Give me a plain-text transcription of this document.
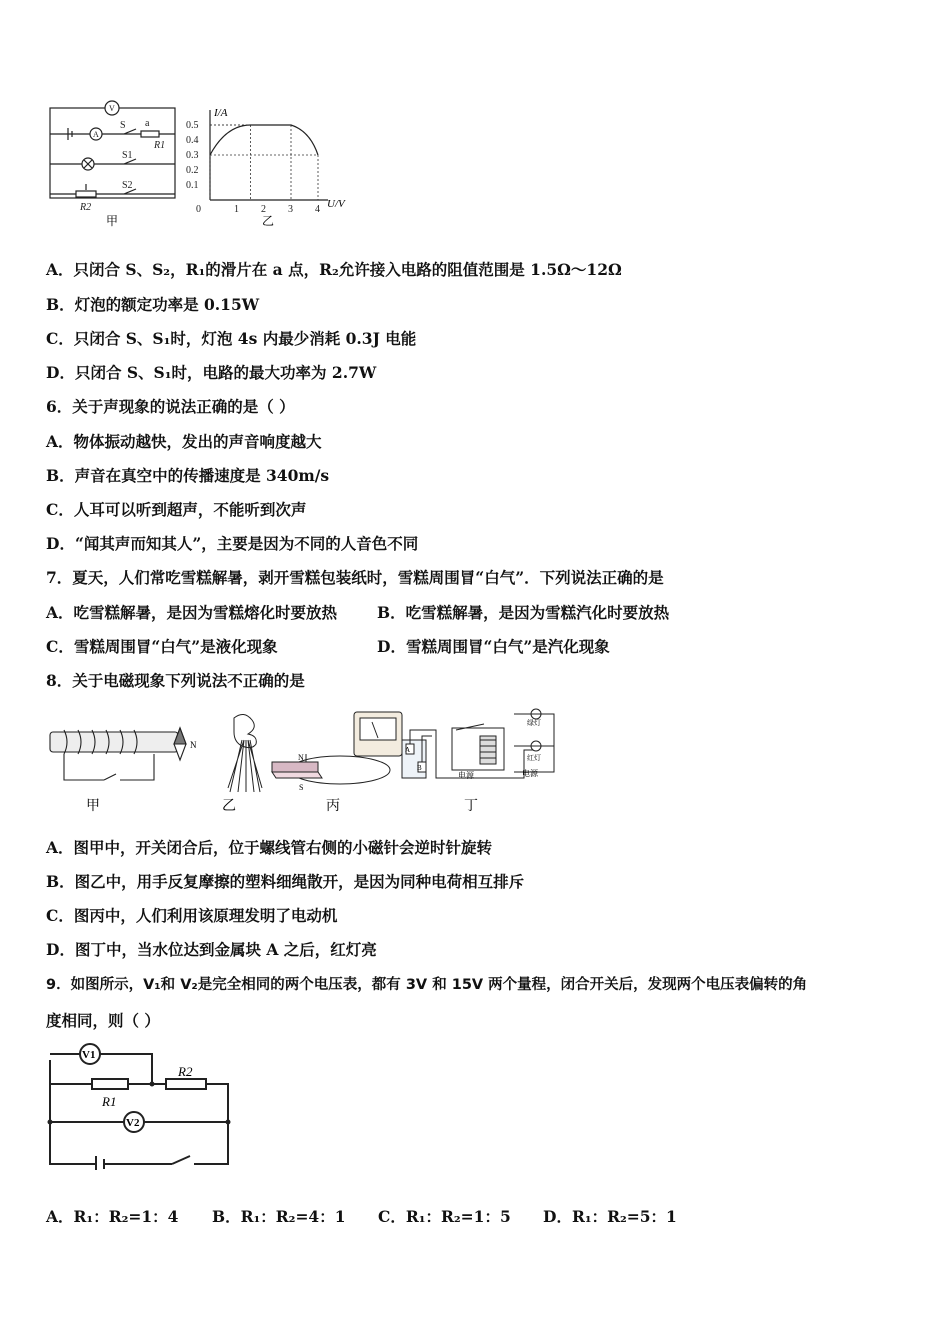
V
A
S a
R1
S1
S2
R2
甲
0.5
0.4
0.3
0.2
0.1
0	1 2 3 4
I/A
U/V
乙
A．只闭合 S、S₂，R₁的滑片在 a 点，R₂允许接入电路的阻值范围是 1.5Ω～12Ω
B．灯泡的额定功率是 0.15W
C．只闭合 S、S₁时，灯泡 4s 内最少消耗 0.3J 电能
D．只闭合 S、S₁时，电路的最大功率为 2.7W
6．关于声现象的说法正确的是（ ）
A．物体振动越快，发出的声音响度越大
B．声音在真空中的传播速度是 340m/s
C．人耳可以听到超声，不能听到次声
D．“闻其声而知其人”，主要是因为不同的人音色不同
7．夏天，人们常吃雪糕解暑，剥开雪糕包装纸时，雪糕周围冒“白气”．下列说法正确的是
A．吃雪糕解暑，是因为雪糕熔化时要放热	B．吃雪糕解暑，是因为雪糕汽化时要放热
C．雪糕周围冒“白气”是液化现象	D．雪糕周围冒“白气”是汽化现象
8．关于电磁现象下列说法不正确的是
N
甲	乙
N
S
丙
A
B
电源	电源
绿灯
红灯
丁
A．图甲中，开关闭合后，位于螺线管右侧的小磁针会逆时针旋转
B．图乙中，用手反复摩擦的塑料细绳散开，是因为同种电荷相互排斥
C．图丙中，人们利用该原理发明了电动机
D．图丁中，当水位达到金属块 A 之后，红灯亮
9．如图所示，V₁和 V₂是完全相同的两个电压表，都有 3V 和 15V 两个量程，闭合开关后，发现两个电压表偏转的角
度相同，则（ ）
V1
V2
R1
R2
A．R₁：R₂=1：4 B．R₁：R₂=4：1 C．R₁：R₂=1：5 D．R₁：R₂=5：1
